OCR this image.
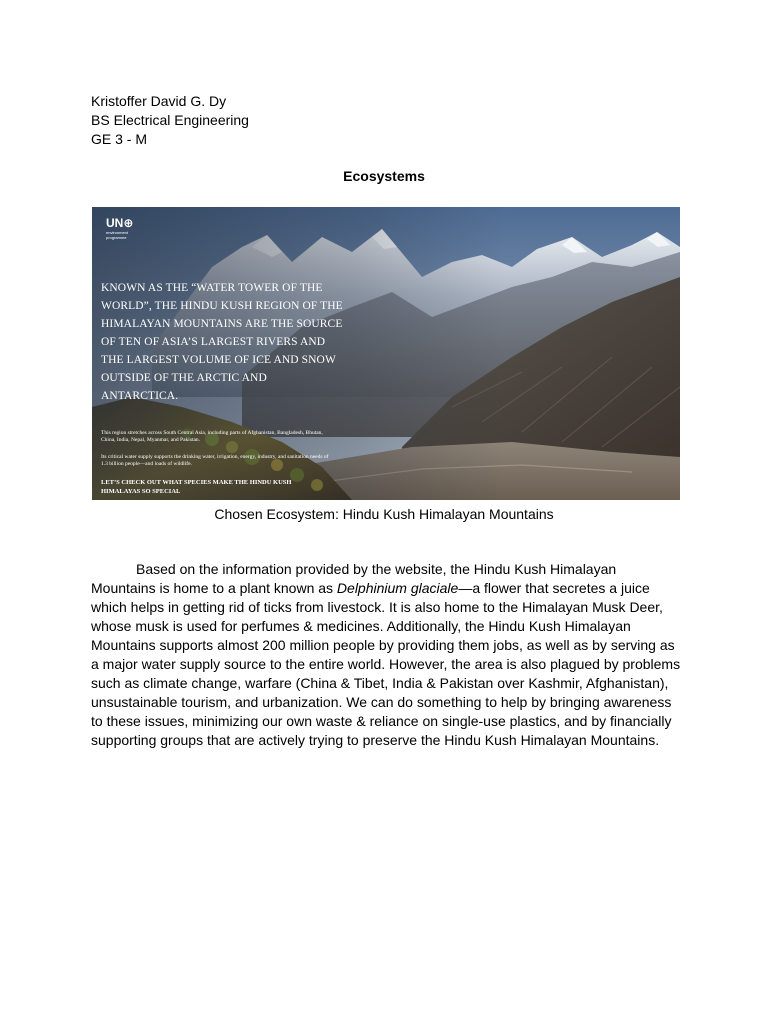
Kristoffer David G. Dy
BS Electrical Engineering
GE 3 - M
Ecosystems
UN⊕
environment programme
KNOWN AS THE “WATER TOWER OF THE WORLD”, THE HINDU KUSH REGION OF THE HIMALAYAN MOUNTAINS ARE THE SOURCE OF TEN OF ASIA’S LARGEST RIVERS AND THE LARGEST VOLUME OF ICE AND SNOW OUTSIDE OF THE ARCTIC AND ANTARCTICA.
This region stretches across South Central Asia, including parts of Afghanistan, Bangladesh, Bhutan, China, India, Nepal, Myanmar, and Pakistan.
Its critical water supply supports the drinking water, irrigation, energy, industry, and sanitation needs of 1.3 billion people—and loads of wildlife.
LET’S CHECK OUT WHAT SPECIES MAKE THE HINDU KUSH HIMALAYAS SO SPECIAL
Chosen Ecosystem: Hindu Kush Himalayan Mountains
Based on the information provided by the website, the Hindu Kush Himalayan Mountains is home to a plant known as Delphinium glaciale—a flower that secretes a juice which helps in getting rid of ticks from livestock. It is also home to the Himalayan Musk Deer, whose musk is used for perfumes & medicines. Additionally, the Hindu Kush Himalayan Mountains supports almost 200 million people by providing them jobs, as well as by serving as a major water supply source to the entire world. However, the area is also plagued by problems such as climate change, warfare (China & Tibet, India & Pakistan over Kashmir, Afghanistan), unsustainable tourism, and urbanization. We can do something to help by bringing awareness to these issues, minimizing our own waste & reliance on single-use plastics, and by financially supporting groups that are actively trying to preserve the Hindu Kush Himalayan Mountains.
